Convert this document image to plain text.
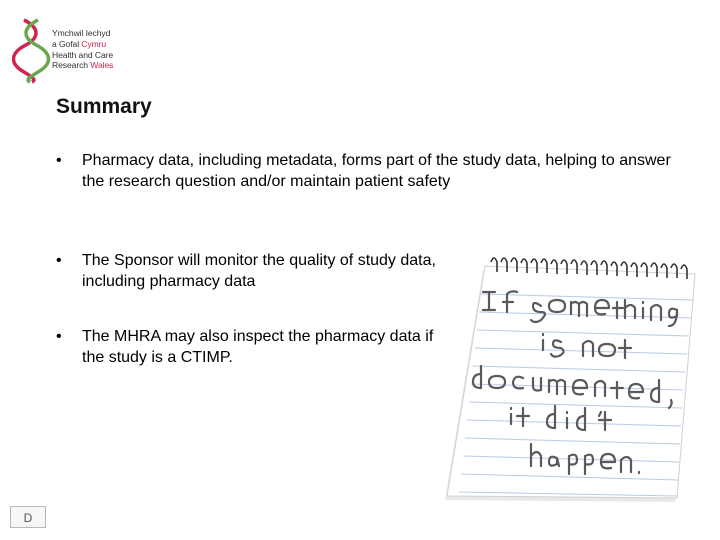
Ymchwil Iechyd
a Gofal Cymru
Health and Care
Research Wales
Summary
• Pharmacy data, including metadata, forms part of the study data, helping to answer the research question and/or maintain patient safety
• The Sponsor will monitor the quality of study data, including pharmacy data
• The MHRA may also inspect the pharmacy data if the study is a CTIMP.
D
